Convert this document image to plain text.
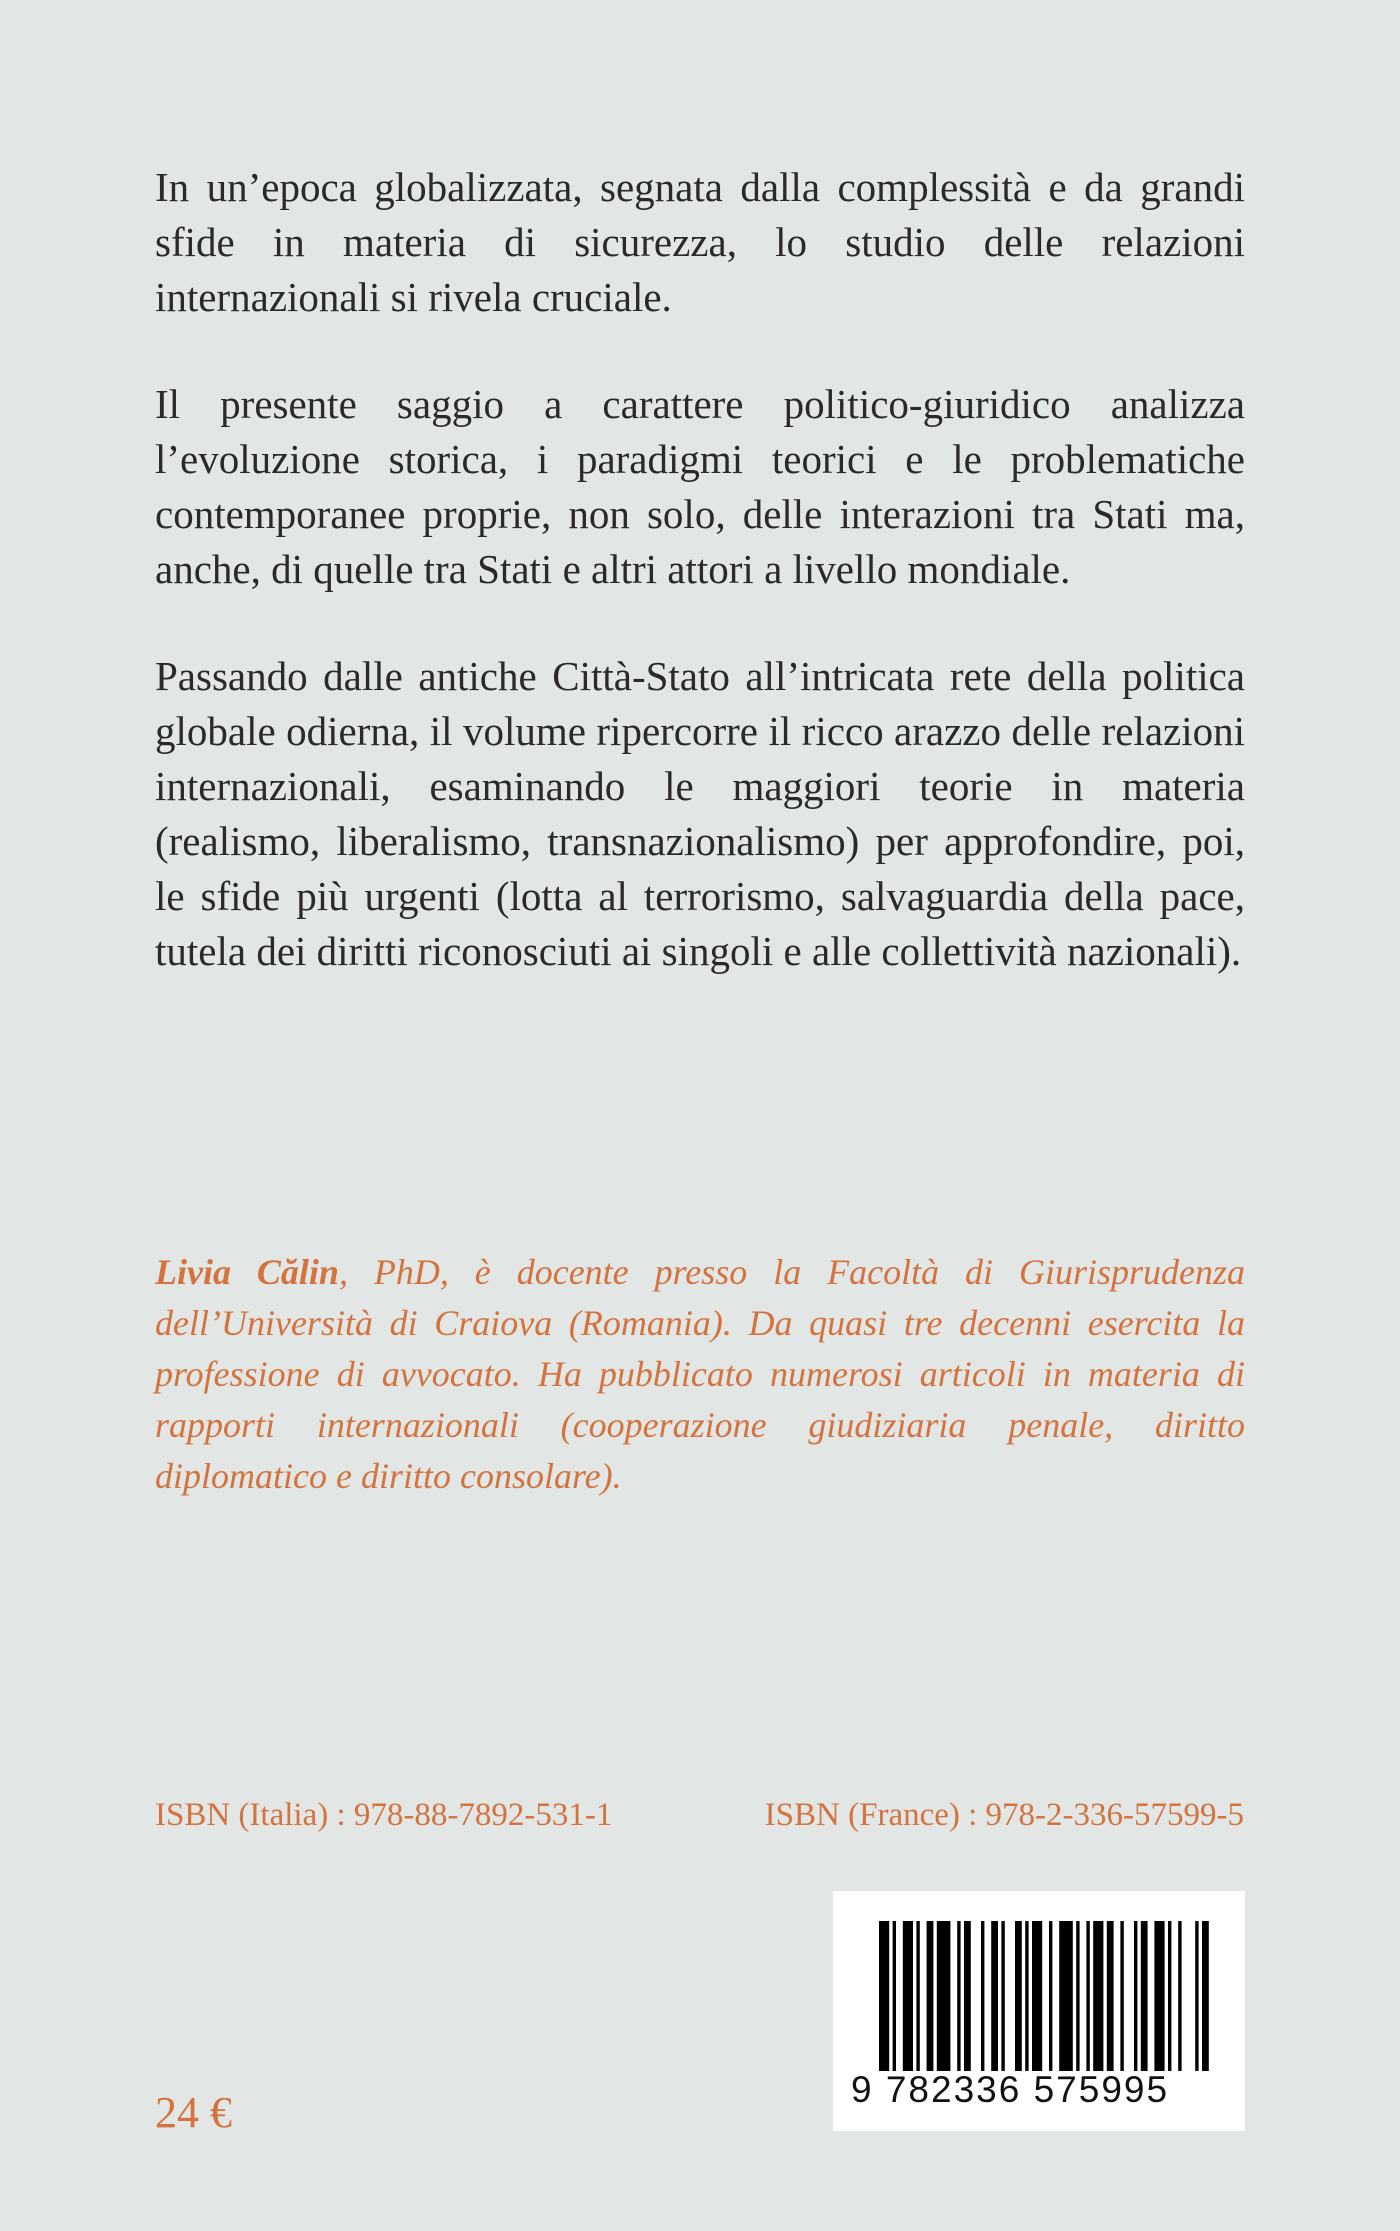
In un’epoca globalizzata, segnata dalla complessità e da grandi sfide in materia di sicurezza, lo studio delle relazioni internazionali si rivela cruciale.

Il presente saggio a carattere politico-giuridico analizza l’evoluzione storica, i paradigmi teorici e le problematiche contemporanee proprie, non solo, delle interazioni tra Stati ma, anche, di quelle tra Stati e altri attori a livello mondiale.

Passando dalle antiche Città-Stato all’intricata rete della politica globale odierna, il volume ripercorre il ricco arazzo delle relazioni internazionali, esaminando le maggiori teorie in materia (realismo, liberalismo, transnazionalismo) per approfondire, poi, le sfide più urgenti (lotta al terrorismo, salvaguardia della pace, tutela dei diritti riconosciuti ai singoli e alle collettività nazionali).

Livia Călin, PhD, è docente presso la Facoltà di Giurisprudenza dell’Università di Craiova (Romania). Da quasi tre decenni esercita la professione di avvocato. Ha pubblicato numerosi articoli in materia di rapporti internazionali (cooperazione giudiziaria penale, diritto diplomatico e diritto consolare).
ISBN (Italia) : 978-88-7892-531-1	ISBN (France) : 978-2-336-57599-5
9 782336 575995
24 €
